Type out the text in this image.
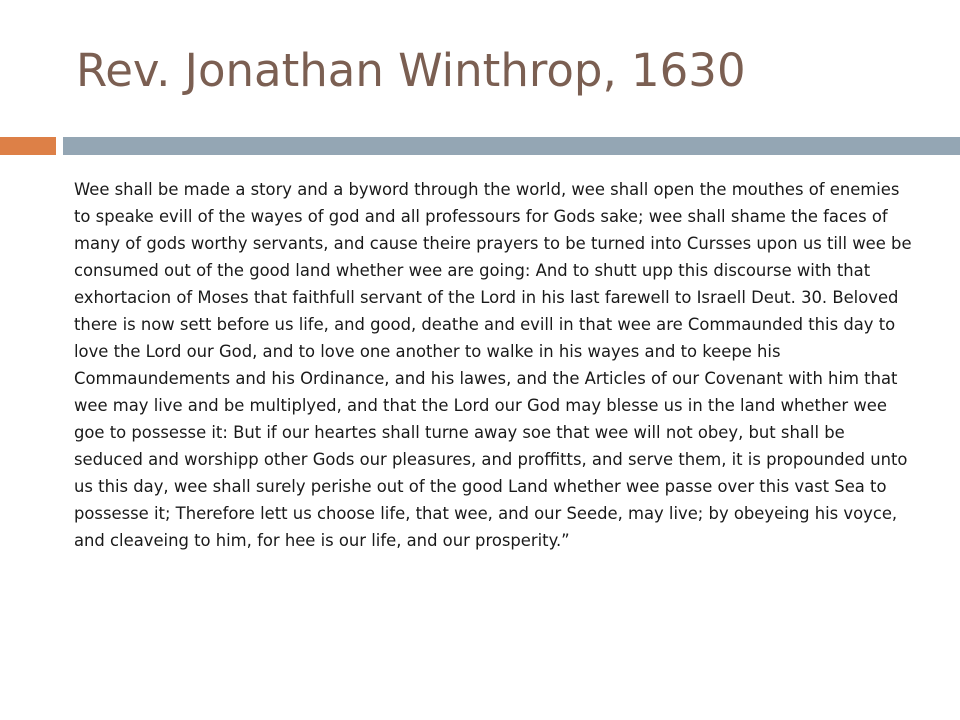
Rev. Jonathan Winthrop, 1630

Wee shall be made a story and a byword through the world, wee shall open the mouthes of enemies to speake evill of the wayes of god and all professours for Gods sake; wee shall shame the faces of many of gods worthy servants, and cause theire prayers to be turned into Cursses upon us till wee be consumed out of the good land whether wee are going: And to shutt upp this discourse with that exhortacion of Moses that faithfull servant of the Lord in his last farewell to Israell Deut. 30. Beloved there is now sett before us life, and good, deathe and evill in that wee are Commaunded this day to love the Lord our God, and to love one another to walke in his wayes and to keepe his Commaundements and his Ordinance, and his lawes, and the Articles of our Covenant with him that wee may live and be multiplyed, and that the Lord our God may blesse us in the land whether wee goe to possesse it: But if our heartes shall turne away soe that wee will not obey, but shall be seduced and worshipp other Gods our pleasures, and proffitts, and serve them, it is propounded unto us this day, wee shall surely perishe out of the good Land whether wee passe over this vast Sea to possesse it; Therefore lett us choose life, that wee, and our Seede, may live; by obeyeing his voyce, and cleaveing to him, for hee is our life, and our prosperity.”
